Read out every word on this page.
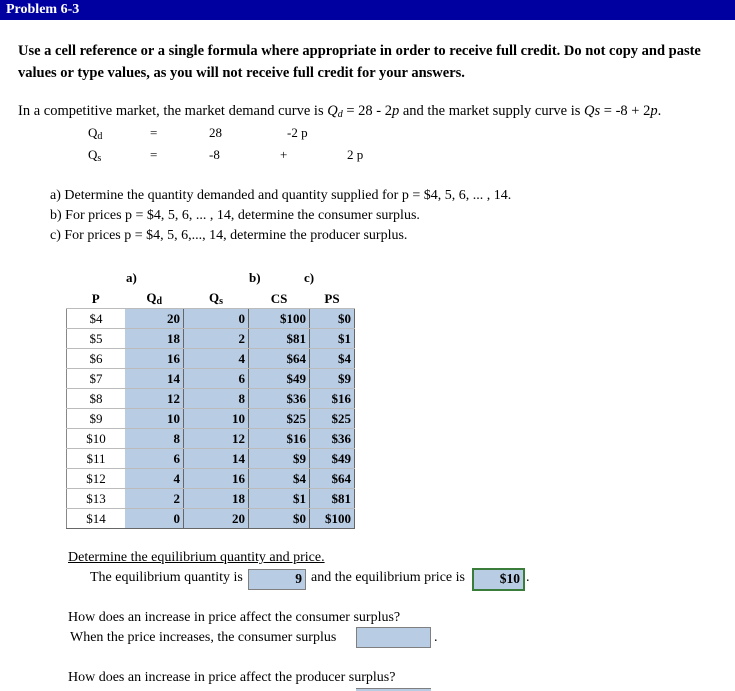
Problem 6-3
Use a cell reference or a single formula where appropriate in order to receive full credit. Do not copy and paste values or type values, as you will not receive full credit for your answers.
In a competitive market, the market demand curve is $Q_d = 28 - 2p$ and the market supply curve is Qs = -8 + 2p.
$Q_d$	=	28	-2 p
$Q_s$	=	-8	+	2 p
a) Determine the quantity demanded and quantity supplied for p = $4, 5, 6, ... , 14.
b) For prices p = $4, 5, 6, ... , 14, determine the consumer surplus.
c) For prices p = $4, 5, 6,..., 14, determine the producer surplus.
a)	b)	c)
P	$Q_d$	$Q_s$	CS	PS
$4	20	0	$100	$0
$5	18	2	$81	$1
$6	16	4	$64	$4
$7	14	6	$49	$9
$8	12	8	$36	$16
$9	10	10	$25	$25
$10	8	12	$16	$36
$11	6	14	$9	$49
$12	4	16	$4	$64
$13	2	18	$1	$81
$14	0	20	$0	$100
Determine the equilibrium quantity and price.
The equilibrium quantity is	9 and the equilibrium price is	$10 .
How does an increase in price affect the consumer surplus?
When the price increases, the consumer surplus	.
How does an increase in price affect the producer surplus?
